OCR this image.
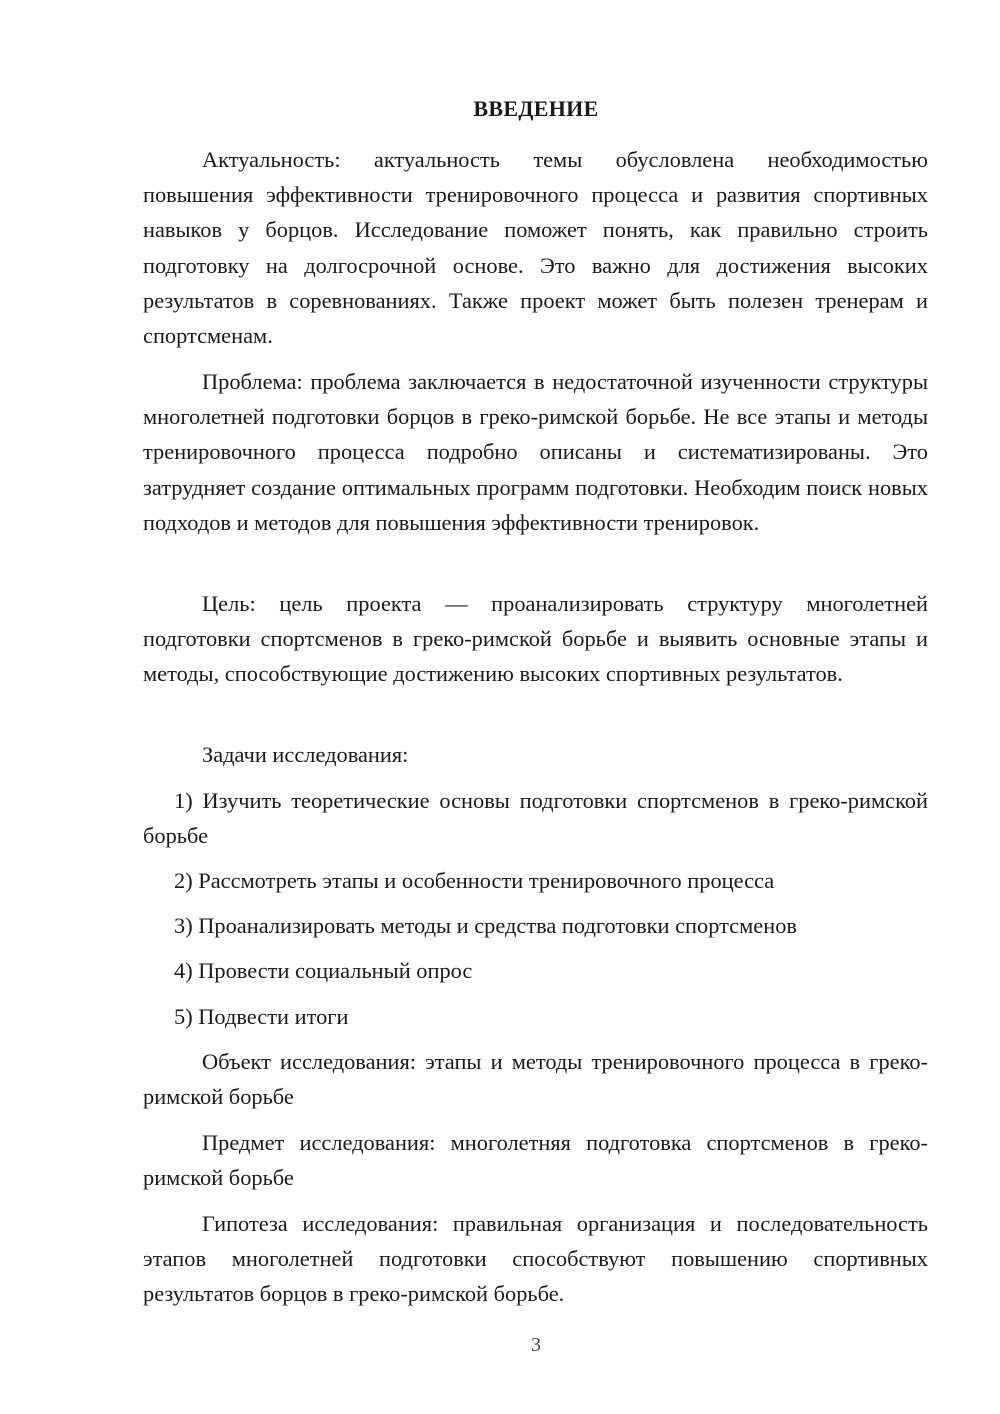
ВВЕДЕНИЕ

Актуальность: актуальность темы обусловлена необходимостью повышения эффективности тренировочного процесса и развития спортивных навыков у борцов. Исследование поможет понять, как правильно строить подготовку на долгосрочной основе. Это важно для достижения высоких результатов в соревнованиях. Также проект может быть полезен тренерам и спортсменам.

Проблема: проблема заключается в недостаточной изученности структуры многолетней подготовки борцов в греко-римской борьбе. Не все этапы и методы тренировочного процесса подробно описаны и систематизированы. Это затрудняет создание оптимальных программ подготовки. Необходим поиск новых подходов и методов для повышения эффективности тренировок.

Цель: цель проекта — проанализировать структуру многолетней подготовки спортсменов в греко-римской борьбе и выявить основные этапы и методы, способствующие достижению высоких спортивных результатов.

Задачи исследования:

1) Изучить теоретические основы подготовки спортсменов в греко-римской борьбе

2) Рассмотреть этапы и особенности тренировочного процесса

3) Проанализировать методы и средства подготовки спортсменов

4) Провести социальный опрос

5) Подвести итоги

Объект исследования: этапы и методы тренировочного процесса в греко-римской борьбе

Предмет исследования: многолетняя подготовка спортсменов в греко-римской борьбе

Гипотеза исследования: правильная организация и последовательность этапов многолетней подготовки способствуют повышению спортивных результатов борцов в греко-римской борьбе.

3
